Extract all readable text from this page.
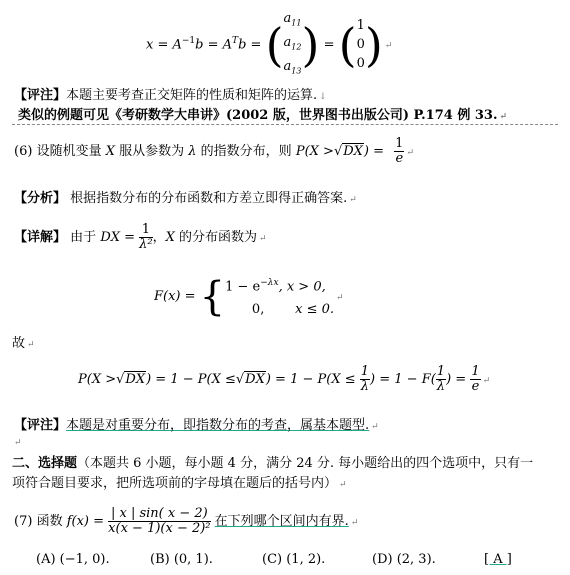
$x = A^{-1}b = A^Tb$ = ( $a_{11}$
$a_{12}$
$a_{13}$ ) = ( 1
0
0 ) ↵
【评注】本题主要考查正交矩阵的性质和矩阵的运算. ↓
类似的例题可见《考研数学大串讲》(2002 版，世界图书出版公司) P.174 例 33. ↵
(6) 设随机变量 X 服从参数为 λ 的指数分布，则 $P(X >√DX) = \frac{1}{e}$ ↵
【分析】 根据指数分布的分布函数和方差立即得正确答案. ↵
【详解】 由于 DX = $\frac{1}{\text{λ²}}$ ，X 的分布函数为 ↵
F(x) = { $1 - e^{-\lambda x}$, x > 0,
0, x ≤ 0.
↵
故 ↵
$P(X >√DX) = 1 - P(X \le√DX) = 1 - P(X \le \frac{1}{\lambda}$ ) = $1 - F( \frac{1}{\lambda}$ ) = $\frac{1}{e}$ ↵
【评注】本题是对重要分布，即指数分布的考查，属基本题型. ↵
↵
二、选择题（本题共 6 小题，每小题 4 分，满分 24 分. 每小题给出的四个选项中，只有一
项符合题目要求，把所选项前的字母填在题后的括号内） ↵
(7) 函数 $f(x) = \frac{| x | \sin( x - 2)}{\text{x(x − 1)(x − 2)²}}$ 在下列哪个区间内有界. ↵
(A) (−1, 0).	(B) (0, 1).	(C) (1, 2).	(D) (2, 3).	[ A ]
